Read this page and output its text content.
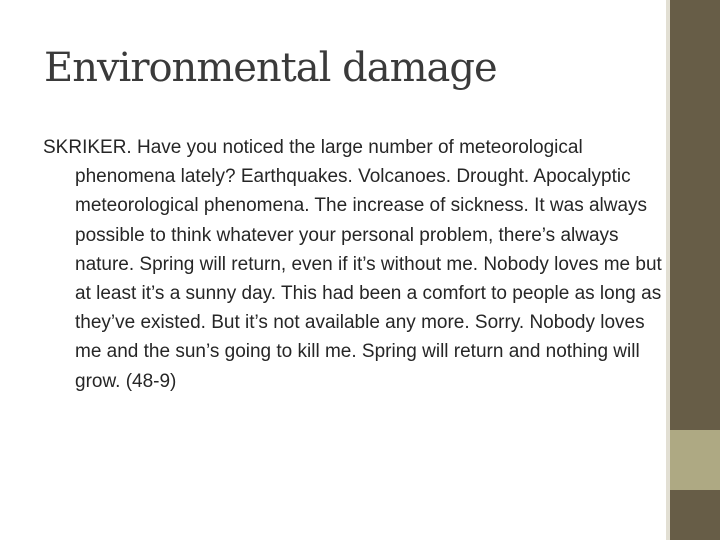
Environmental damage

SKRIKER. Have you noticed the large number of meteorological phenomena lately? Earthquakes. Volcanoes. Drought. Apocalyptic meteorological phenomena. The increase of sickness. It was always possible to think whatever your personal problem, there’s always nature. Spring will return, even if it’s without me. Nobody loves me but at least it’s a sunny day. This had been a comfort to people as long as they’ve existed. But it’s not available any more. Sorry. Nobody loves me and the sun’s going to kill me. Spring will return and nothing will grow. (48-9)
